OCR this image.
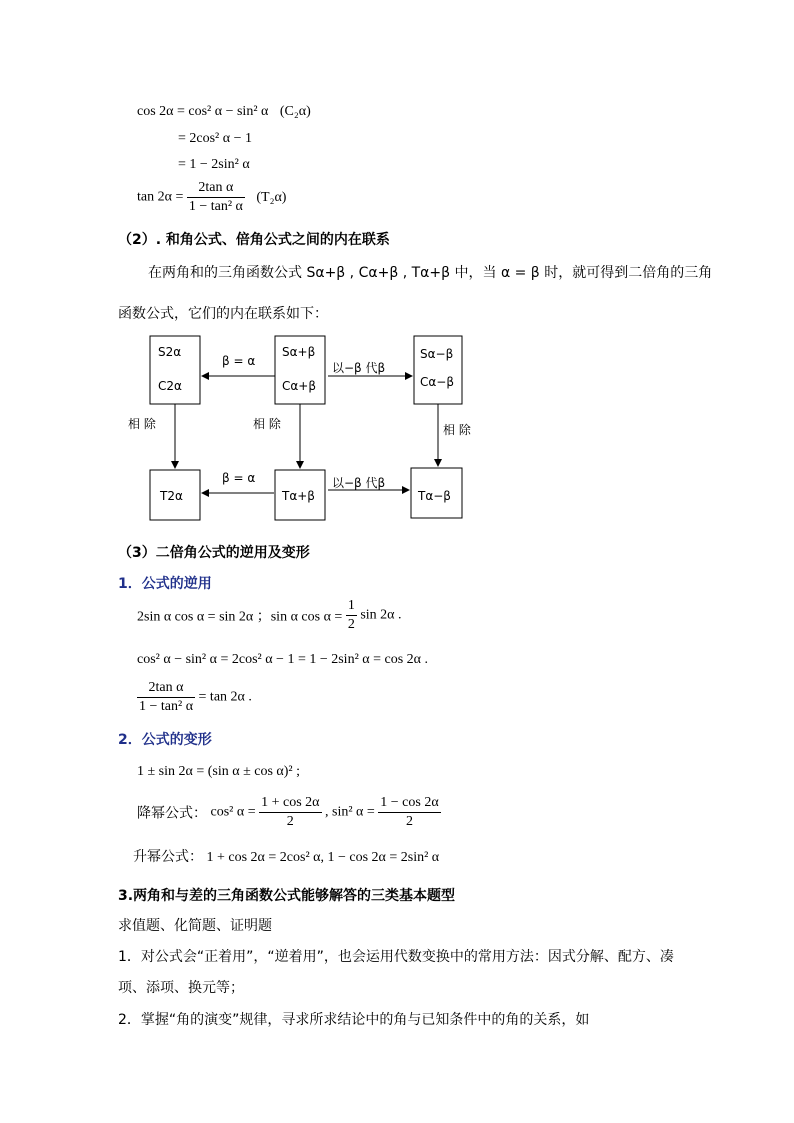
cos 2α = cos² α − sin² α (C₂α)
= 2cos² α − 1
= 1 − 2sin² α
$\tan 2\alpha = \frac{\text{2tan α}}{\text{1 − tan² α}} (T_2\alpha)$
（2）. 和角公式、倍角公式之间的内在联系
在两角和的三角函数公式 Sα+β , Cα+β , Tα+β 中，当 α = β 时，就可得到二倍角的三角
函数公式，它们的内在联系如下：
S2α
C2α
Sα+β
Cα+β
Sα−β
Cα−β
T2α	Tα+β	Tα−β
β = α	以−β 代β
β = α	以−β 代β
相 除	相 除	相 除
（3）二倍角公式的逆用及变形
1．公式的逆用
2sin α cos α = sin 2α ；sin α $\cos \alpha = \frac{1}{2}$ sin 2α .
cos² α − sin² α = 2cos² α − 1 = 1 − 2sin² α = cos 2α .
$\frac{\text{2tan α}}{\text{1 − tan² α}} = \tan 2\alpha$ .
2．公式的变形
1 ± sin 2α = (sin α ± cos α)² ;
降幂公式： cos² $\alpha = \frac{1 + \cos 2\alpha}{2}$ , sin² $\alpha = \frac{1 - \cos 2\alpha}{2}$
升幂公式： 1 + cos 2α = 2cos² α, 1 − cos 2α = 2sin² α
3.两角和与差的三角函数公式能够解答的三类基本题型
求值题、化简题、证明题
1．对公式会“正着用”，“逆着用”，也会运用代数变换中的常用方法：因式分解、配方、凑
项、添项、换元等；
2．掌握“角的演变”规律，寻求所求结论中的角与已知条件中的角的关系，如
